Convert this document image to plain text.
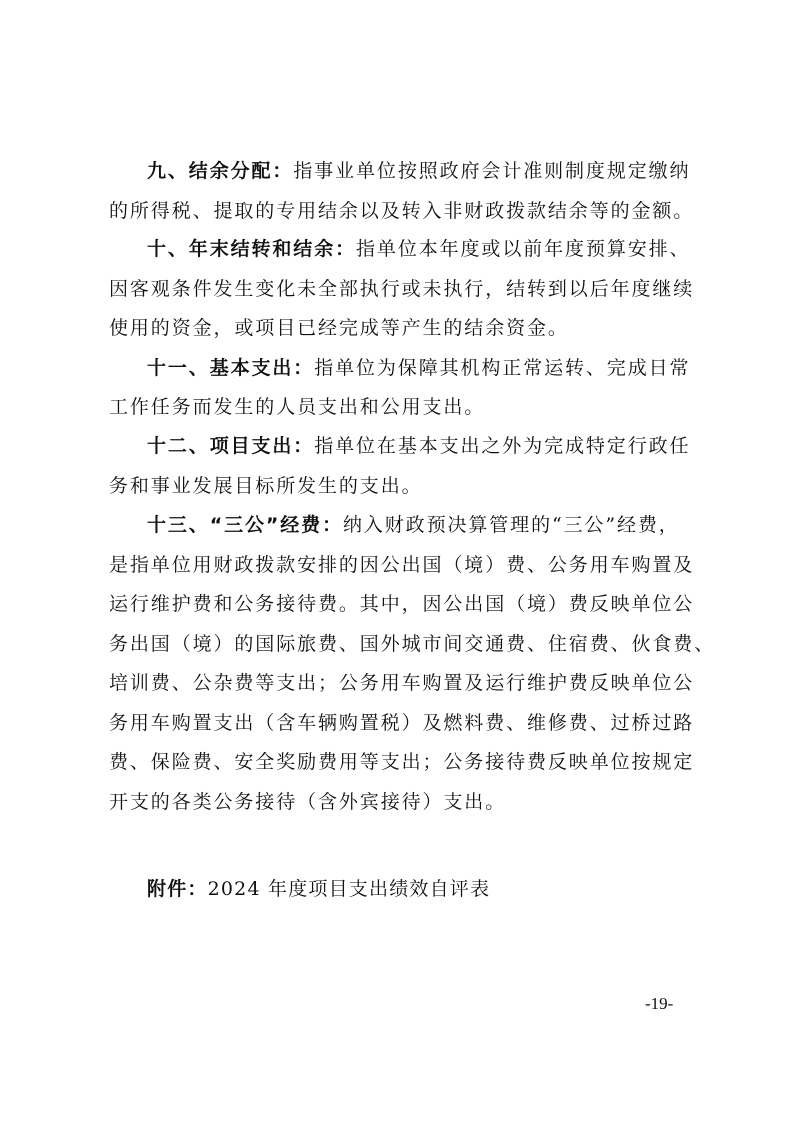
九、结余分配：指事业单位按照政府会计准则制度规定缴纳
的所得税、提取的专用结余以及转入非财政拨款结余等的金额。
十、年末结转和结余：指单位本年度或以前年度预算安排、
因客观条件发生变化未全部执行或未执行，结转到以后年度继续
使用的资金，或项目已经完成等产生的结余资金。
十一、基本支出：指单位为保障其机构正常运转、完成日常
工作任务而发生的人员支出和公用支出。
十二、项目支出：指单位在基本支出之外为完成特定行政任
务和事业发展目标所发生的支出。
十三、“三公”经费：纳入财政预决算管理的“三公”经费，
是指单位用财政拨款安排的因公出国（境）费、公务用车购置及
运行维护费和公务接待费。其中，因公出国（境）费反映单位公
务出国（境）的国际旅费、国外城市间交通费、住宿费、伙食费、
培训费、公杂费等支出；公务用车购置及运行维护费反映单位公
务用车购置支出（含车辆购置税）及燃料费、维修费、过桥过路
费、保险费、安全奖励费用等支出；公务接待费反映单位按规定
开支的各类公务接待（含外宾接待）支出。
附件：2024 年度项目支出绩效自评表
-19-
